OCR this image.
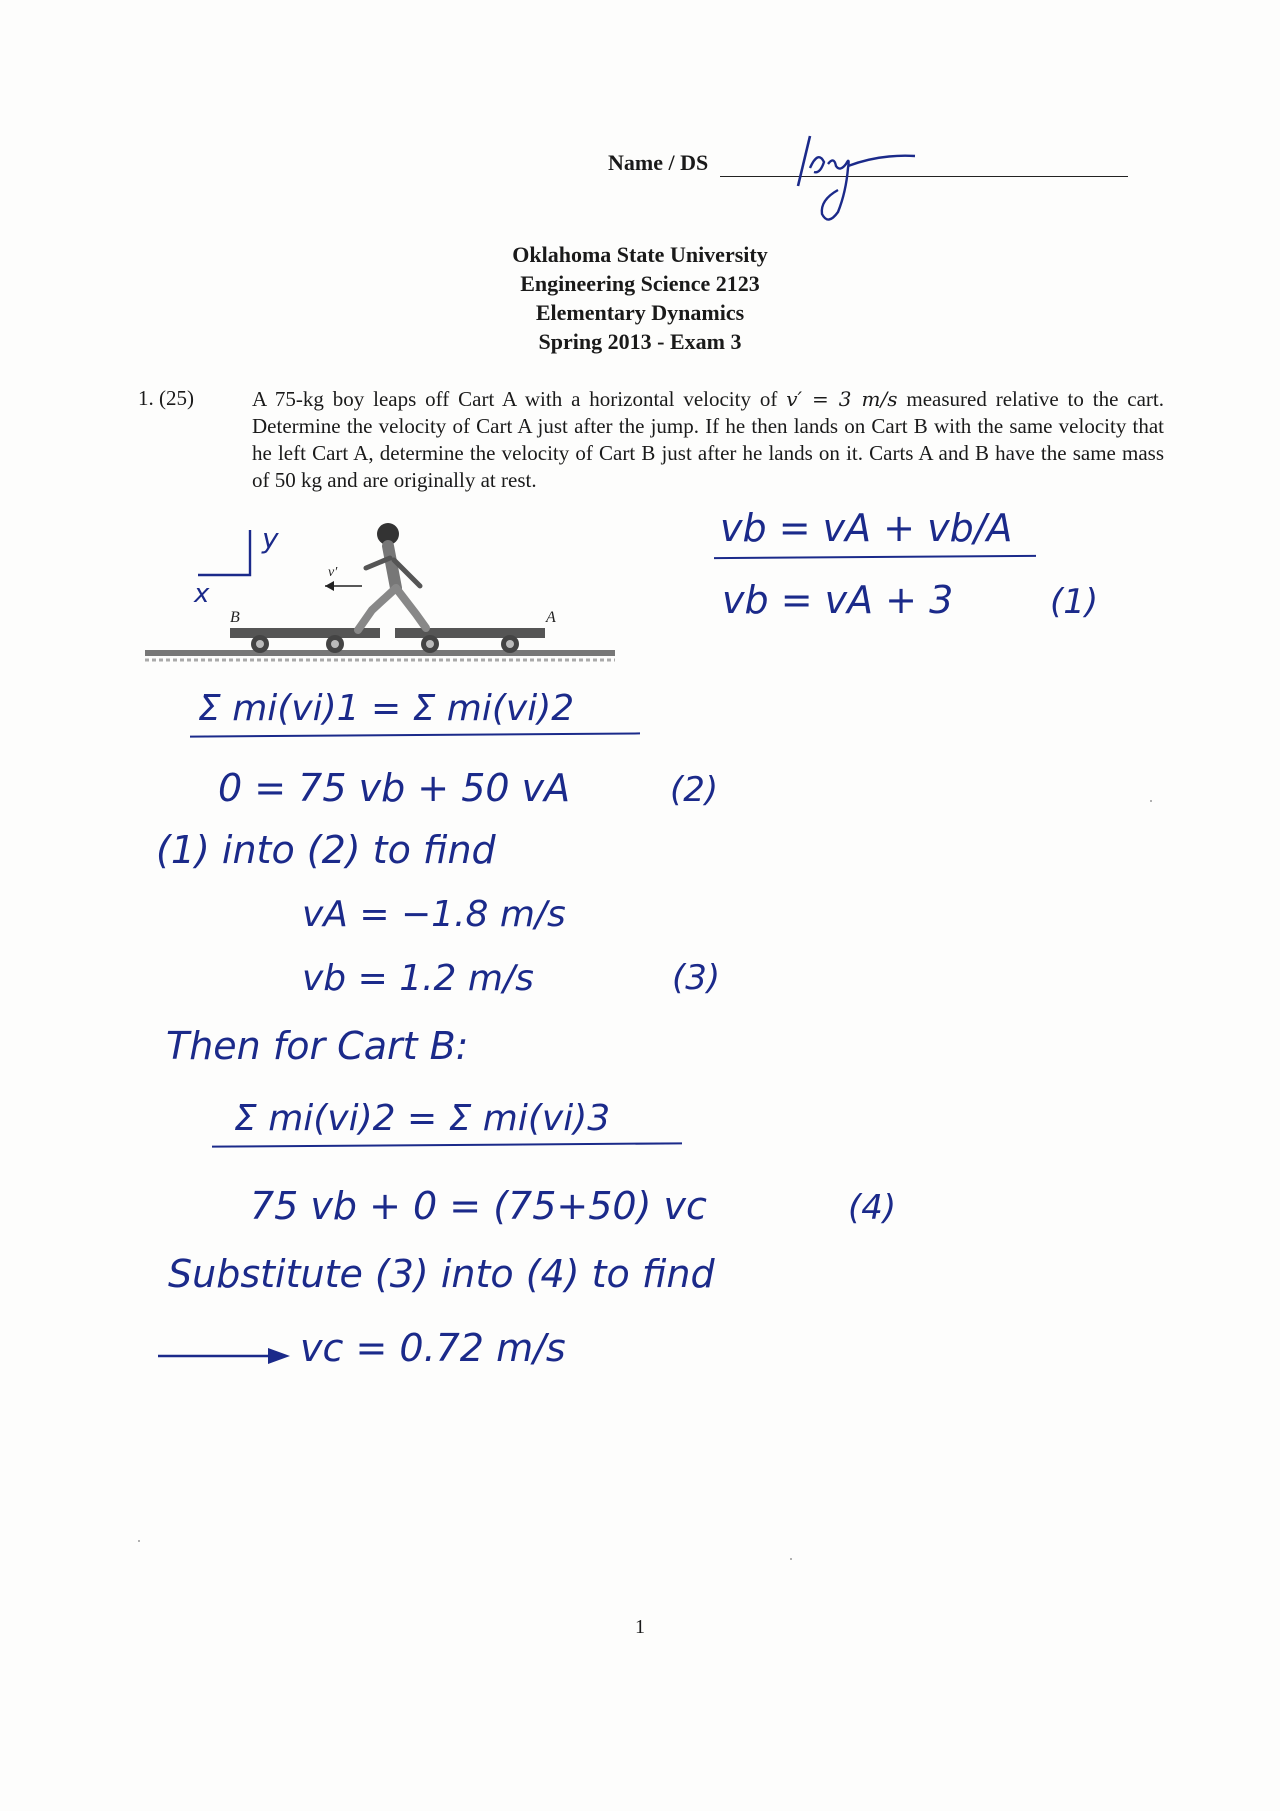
Name / DS
Oklahoma State University
Engineering Science 2123
Elementary Dynamics
Spring 2013 - Exam 3
1. (25)	A 75-kg boy leaps off Cart A with a horizontal velocity of v′ = 3 m/s measured relative to the cart. Determine the velocity of Cart A just after the jump. If he then lands on Cart B with the same velocity that he left Cart A, determine the velocity of Cart B just after he lands on it. Carts A and B have the same mass of 50 kg and are originally at rest.
y
x
B	A
v′
vb = vA + vb/A
vb = vA + 3	(1)
Σ mi(vi)1 = Σ mi(vi)2
0 = 75 vb + 50 vA	(2)
(1) into (2) to find
vA = −1.8 m/s
vb = 1.2 m/s	(3)
Then for Cart B:
Σ mi(vi)2 = Σ mi(vi)3
75 vb + 0 = (75+50) vc	(4)
Substitute (3) into (4) to find
vc = 0.72 m/s
1
